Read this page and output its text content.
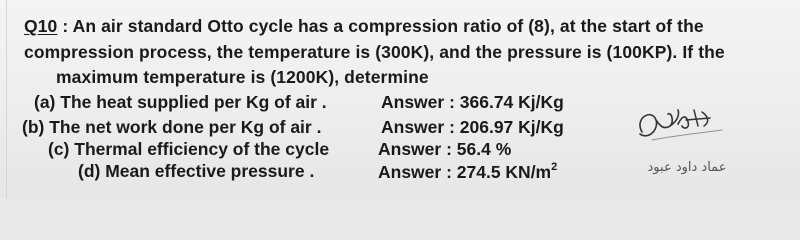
Q10 : An air standard Otto cycle has a compression ratio of (8), at the start of the
compression process, the temperature is (300K), and the pressure is (100KP). If the
maximum temperature is (1200K), determine
(a) The heat supplied per Kg of air .	Answer : 366.74 Kj/Kg
(b) The net work done per Kg of air .	Answer : 206.97 Kj/Kg
(c) Thermal efficiency of the cycle	Answer : 56.4 %
(d) Mean effective pressure .	Answer : 274.5 $KN/m^2$	عماد داود عبود
